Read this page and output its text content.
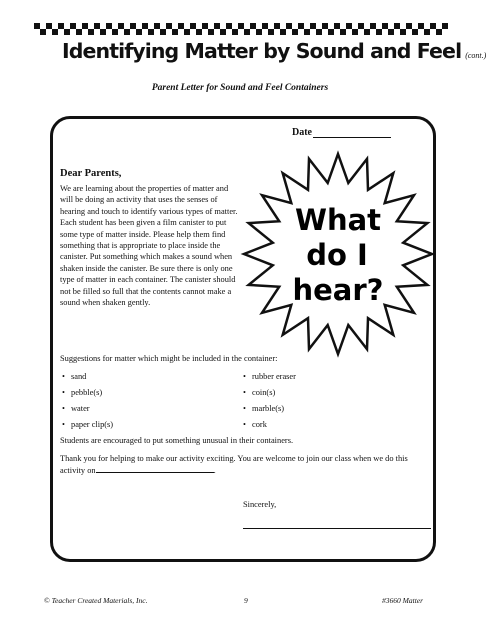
Identifying Matter by Sound and Feel (cont.)
Parent Letter for Sound and Feel Containers
Date
Dear Parents,
We are learning about the properties of matter and will be doing an activity that uses the senses of hearing and touch to identify various types of matter. Each student has been given a film canister to put some type of matter inside. Please help them find something that is appropriate to place inside the canister. Put something which makes a sound when shaken inside the canister. Be sure there is only one type of matter in each container. The canister should not be filled so full that the contents cannot make a sound when shaken gently.
What
do I
hear?
Suggestions for matter which might be included in the container:
• sand
• pebble(s)
• water
• paper clip(s)
• rubber eraser
• coin(s)
• marble(s)
• cork
Students are encouraged to put something unusual in their containers.
Thank you for helping to make our activity exciting. You are welcome to join our class when we do this activity on	.
Sincerely,
© Teacher Created Materials, Inc.	9	#3660 Matter
